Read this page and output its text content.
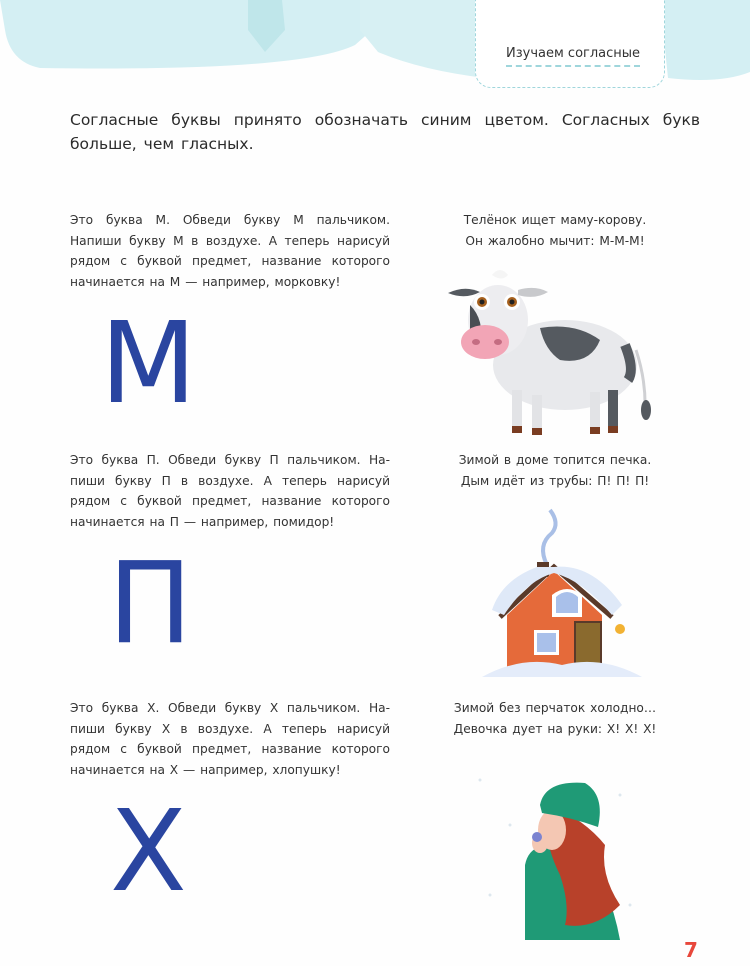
Изучаем согласные
Согласные буквы принято обозначать синим цветом. Согласных букв больше, чем гласных.
Это буква М. Обведи букву М пальчиком. Напиши букву М в воздухе. А теперь нарисуй рядом с буквой предмет, название которого начинается на М — например, морковку!
М
Телёнок ищет маму-корову.
Он жалобно мычит: М-М-М!
Это буква П. Обведи букву П пальчиком. Напиши букву П в воздухе. А теперь нарисуй рядом с буквой предмет, название которого начинается на П — например, помидор!
П
Зимой в доме топится печка.
Дым идёт из трубы: П! П! П!
Это буква Х. Обведи букву Х пальчиком. Напиши букву Х в воздухе. А теперь нарисуй рядом с буквой предмет, название которого начинается на Х — например, хлопушку!
Х
Зимой без перчаток холодно…
Девочка дует на руки: Х! Х! Х!
7
